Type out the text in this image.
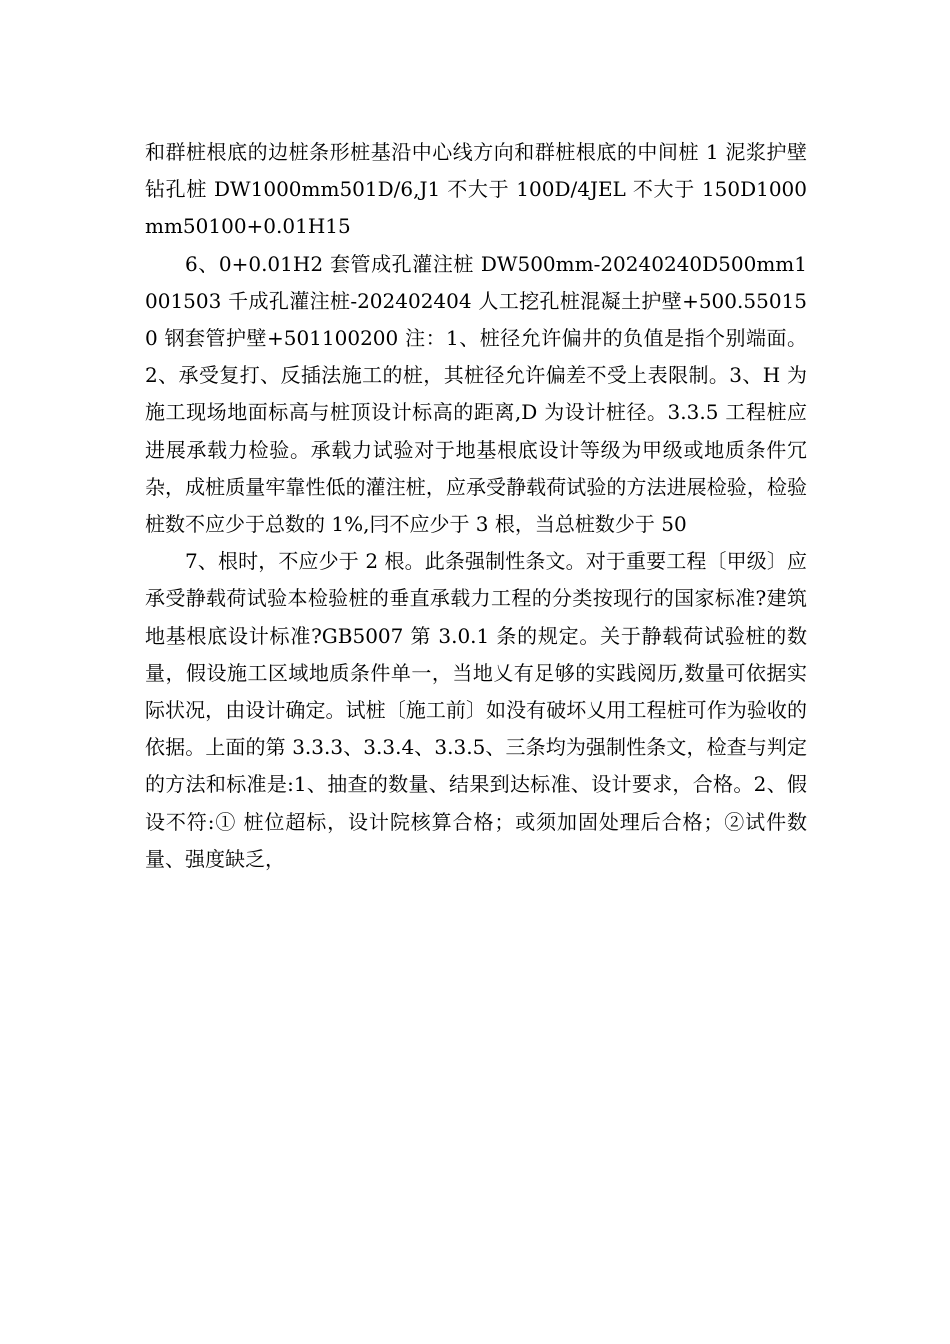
和群桩根底的边桩条形桩基沿中心线方向和群桩根底的中间桩 1 泥浆护壁钻孔桩 DW1000mm501D/6,J1 不大于 100D/4JEL 不大于 150D1000mm50100+0.01H15

6、0+0.01H2 套管成孔灌注桩 DW500mm-20240240D500mm1001503 千成孔灌注桩-202402404 人工挖孔桩混凝土护壁+500.550150 钢套管护壁+501100200 注：1、桩径允许偏井的负值是指个别端面。2、承受复打、反插法施工的桩，其桩径允许偏差不受上表限制。3、H 为施工现场地面标高与桩顶设计标高的距离,D 为设计桩径。3.3.5 工程桩应进展承载力检验。承载力试验对于地基根底设计等级为甲级或地质条件冗杂，成桩质量牢靠性低的灌注桩，应承受静载荷试验的方法进展检验，检验桩数不应少于总数的 1%,冃不应少于 3 根，当总桩数少于 50

7、根时，不应少于 2 根。此条强制性条文。对于重要工程〔甲级〕应承受静载荷试验本检验桩的垂直承载力工程的分类按现行的国家标准?建筑地基根底设计标准?GB5007 第 3.0.1 条的规定。关于静载荷试验桩的数量，假设施工区域地质条件单一，当地乂有足够的实践阅历,数量可依据实际状况，由设计确定。试桩〔施工前〕如没有破坏乂用工程桩可作为验收的依据。上面的第 3.3.3、3.3.4、3.3.5、三条均为强制性条文，检查与判定的方法和标准是:1、抽查的数量、结果到达标准、设计要求，合格。2、假设不符:① 桩位超标，设计院核算合格；或须加固处理后合格；②试件数量、强度缺乏，
